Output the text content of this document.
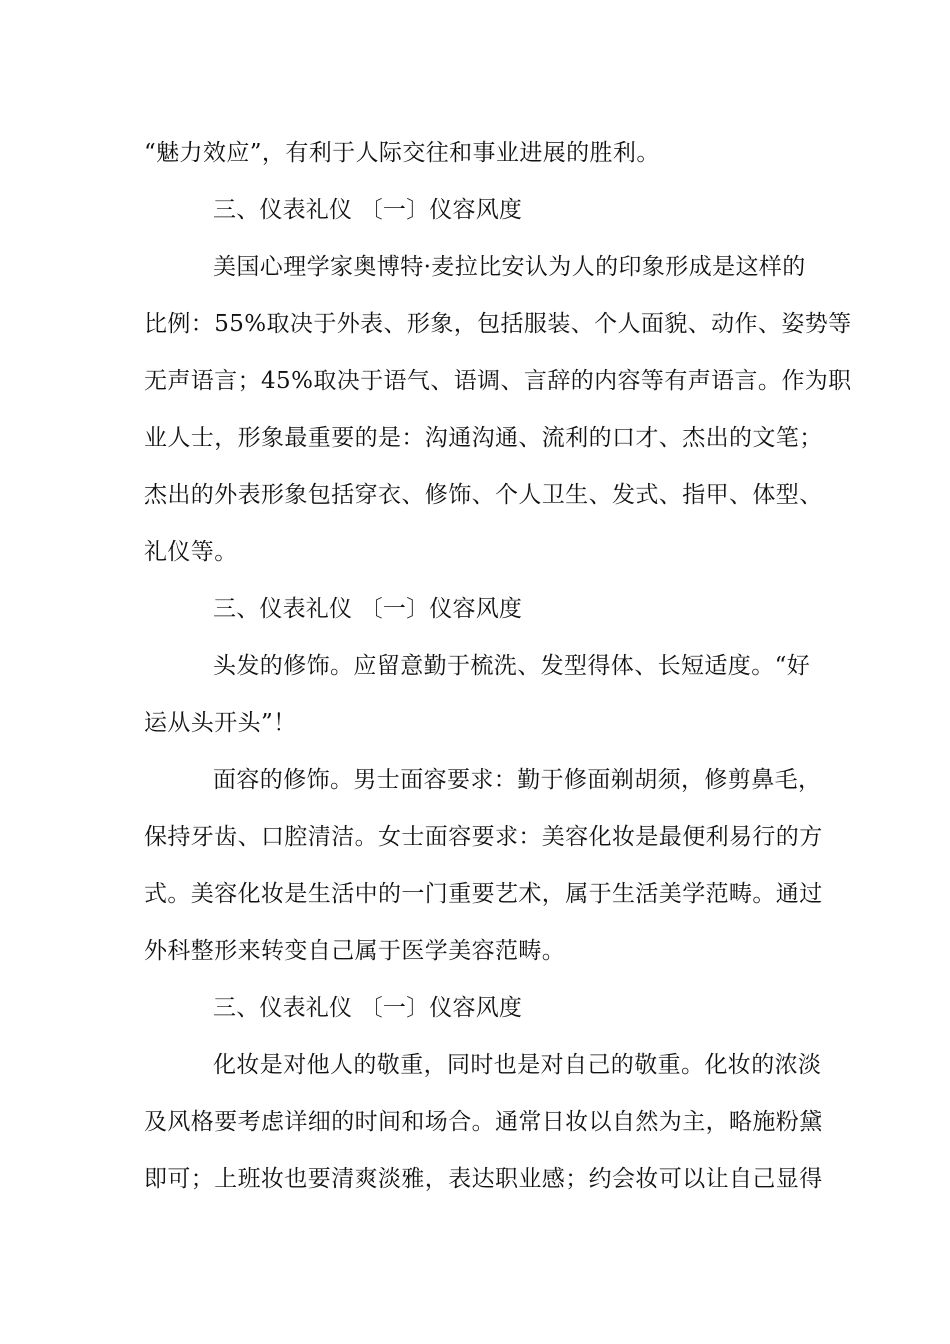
“魅力效应”，有利于人际交往和事业进展的胜利。
三、仪表礼仪 〔一〕仪容风度
美国心理学家奥博特·麦拉比安认为人的印象形成是这样的
比例：55%取决于外表、形象，包括服装、个人面貌、动作、姿势等
无声语言；45%取决于语气、语调、言辞的内容等有声语言。作为职
业人士，形象最重要的是：沟通沟通、流利的口才、杰出的文笔；
杰出的外表形象包括穿衣、修饰、个人卫生、发式、指甲、体型、
礼仪等。
三、仪表礼仪 〔一〕仪容风度
头发的修饰。应留意勤于梳洗、发型得体、长短适度。“好
运从头开头”！
面容的修饰。男士面容要求：勤于修面剃胡须，修剪鼻毛，
保持牙齿、口腔清洁。女士面容要求：美容化妆是最便利易行的方
式。美容化妆是生活中的一门重要艺术，属于生活美学范畴。通过
外科整形来转变自己属于医学美容范畴。
三、仪表礼仪 〔一〕仪容风度
化妆是对他人的敬重，同时也是对自己的敬重。化妆的浓淡
及风格要考虑详细的时间和场合。通常日妆以自然为主，略施粉黛
即可；上班妆也要清爽淡雅，表达职业感；约会妆可以让自己显得
